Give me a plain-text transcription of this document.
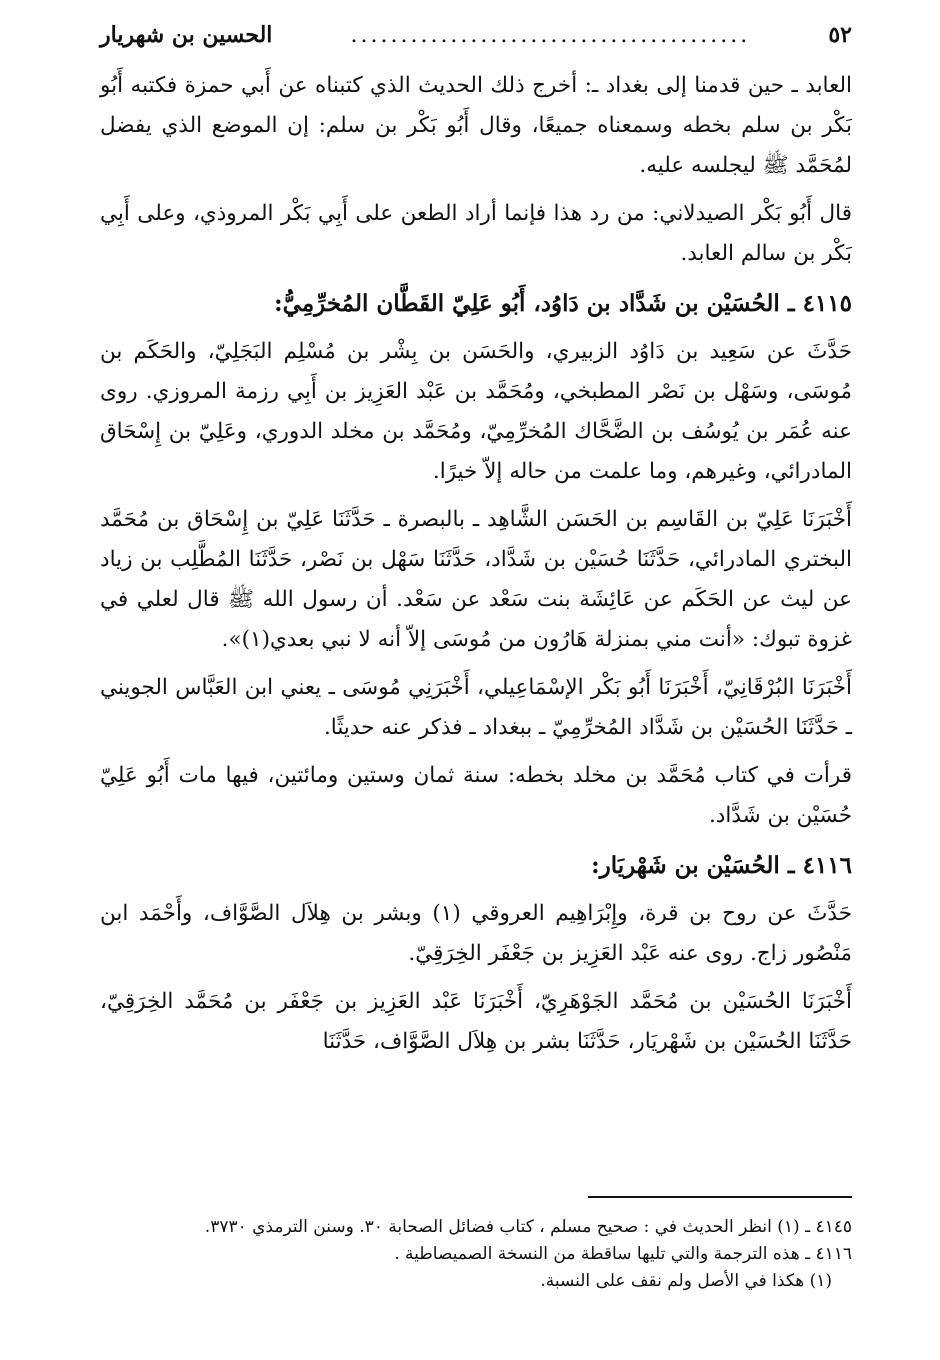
٥٢
........................................
الحسين بن شهريار

العابد ـ حين قدمنا إلى بغداد ـ: أخرج ذلك الحديث الذي كتبناه عن أَبي حمزة فكتبه أَبُو بَكْر بن سلم بخطه وسمعناه جميعًا، وقال أَبُو بَكْر بن سلم: إن الموضع الذي يفضل لمُحَمَّد ﷺ ليجلسه عليه.

قال أَبُو بَكْر الصيدلاني: من رد هذا فإنما أراد الطعن على أَبِي بَكْر المروذي، وعلى أَبِي بَكْر بن سالم العابد.

٤١١٥ ـ الحُسَيْن بن شَدَّاد بن دَاوُد، أَبُو عَلِيّ القَطَّان المُخرِّمِيُّ:

حَدَّثَ عن سَعِيد بن دَاوُد الزبيري، والحَسَن بن بِشْر بن مُسْلِم البَجَلِيّ، والحَكَم بن مُوسَى، وسَهْل بن نَصْر المطبخي، ومُحَمَّد بن عَبْد العَزِيز بن أَبِي رزمة المروزي. روى عنه عُمَر بن يُوسُف بن الضَّحَّاك المُخرِّمِيّ، ومُحَمَّد بن مخلد الدوري، وعَلِيّ بن إِسْحَاق المادرائي، وغيرهم، وما علمت من حاله إلاّ خيرًا.

أَخْبَرَنَا عَلِيّ بن القَاسِم بن الحَسَن الشَّاهِد ـ بالبصرة ـ حَدَّثَنَا عَلِيّ بن إِسْحَاق بن مُحَمَّد البختري المادرائي، حَدَّثَنَا حُسَيْن بن شَدَّاد، حَدَّثَنَا سَهْل بن نَصْر، حَدَّثَنَا المُطَّلِب بن زياد عن ليث عن الحَكَم عن عَائِشَة بنت سَعْد عن سَعْد. أن رسول الله ﷺ قال لعلي في غزوة تبوك: «أنت مني بمنزلة هَارُون من مُوسَى إلاّ أنه لا نبي بعدي(١)».

أَخْبَرَنَا البُرْقَانِيّ، أَخْبَرَنَا أَبُو بَكْر الإسْمَاعِيلي، أَخْبَرَنِي مُوسَى ـ يعني ابن العَبَّاس الجويني ـ حَدَّثَنَا الحُسَيْن بن شَدَّاد المُخرِّمِيّ ـ ببغداد ـ فذكر عنه حديثًا.

قرأت في كتاب مُحَمَّد بن مخلد بخطه: سنة ثمان وستين ومائتين، فيها مات أَبُو عَلِيّ حُسَيْن بن شَدَّاد.

٤١١٦ ـ الحُسَيْن بن شَهْريَار:

حَدَّثَ عن روح بن قرة، وإِبْرَاهِيم العروقي (١) وبشر بن هِلاَل الصَّوَّاف، وأَحْمَد ابن مَنْصُور زاج. روى عنه عَبْد العَزِيز بن جَعْفَر الخِرَقِيّ.

أَخْبَرَنَا الحُسَيْن بن مُحَمَّد الجَوْهَرِيّ، أَخْبَرَنَا عَبْد العَزِيز بن جَعْفَر بن مُحَمَّد الخِرَقِيّ، حَدَّثَنَا الحُسَيْن بن شَهْريَار، حَدَّثَنَا بشر بن هِلاَل الصَّوَّاف، حَدَّثَنَا

٤١٤٥ ـ (١) انظر الحديث في : صحيح مسلم ، كتاب فضائل الصحابة ٣٠. وسنن الترمذي ٣٧٣٠.
٤١١٦ ـ هذه الترجمة والتي تليها ساقطة من النسخة الصميصاطية .
(١) هكذا في الأصل ولم نقف على النسبة.
